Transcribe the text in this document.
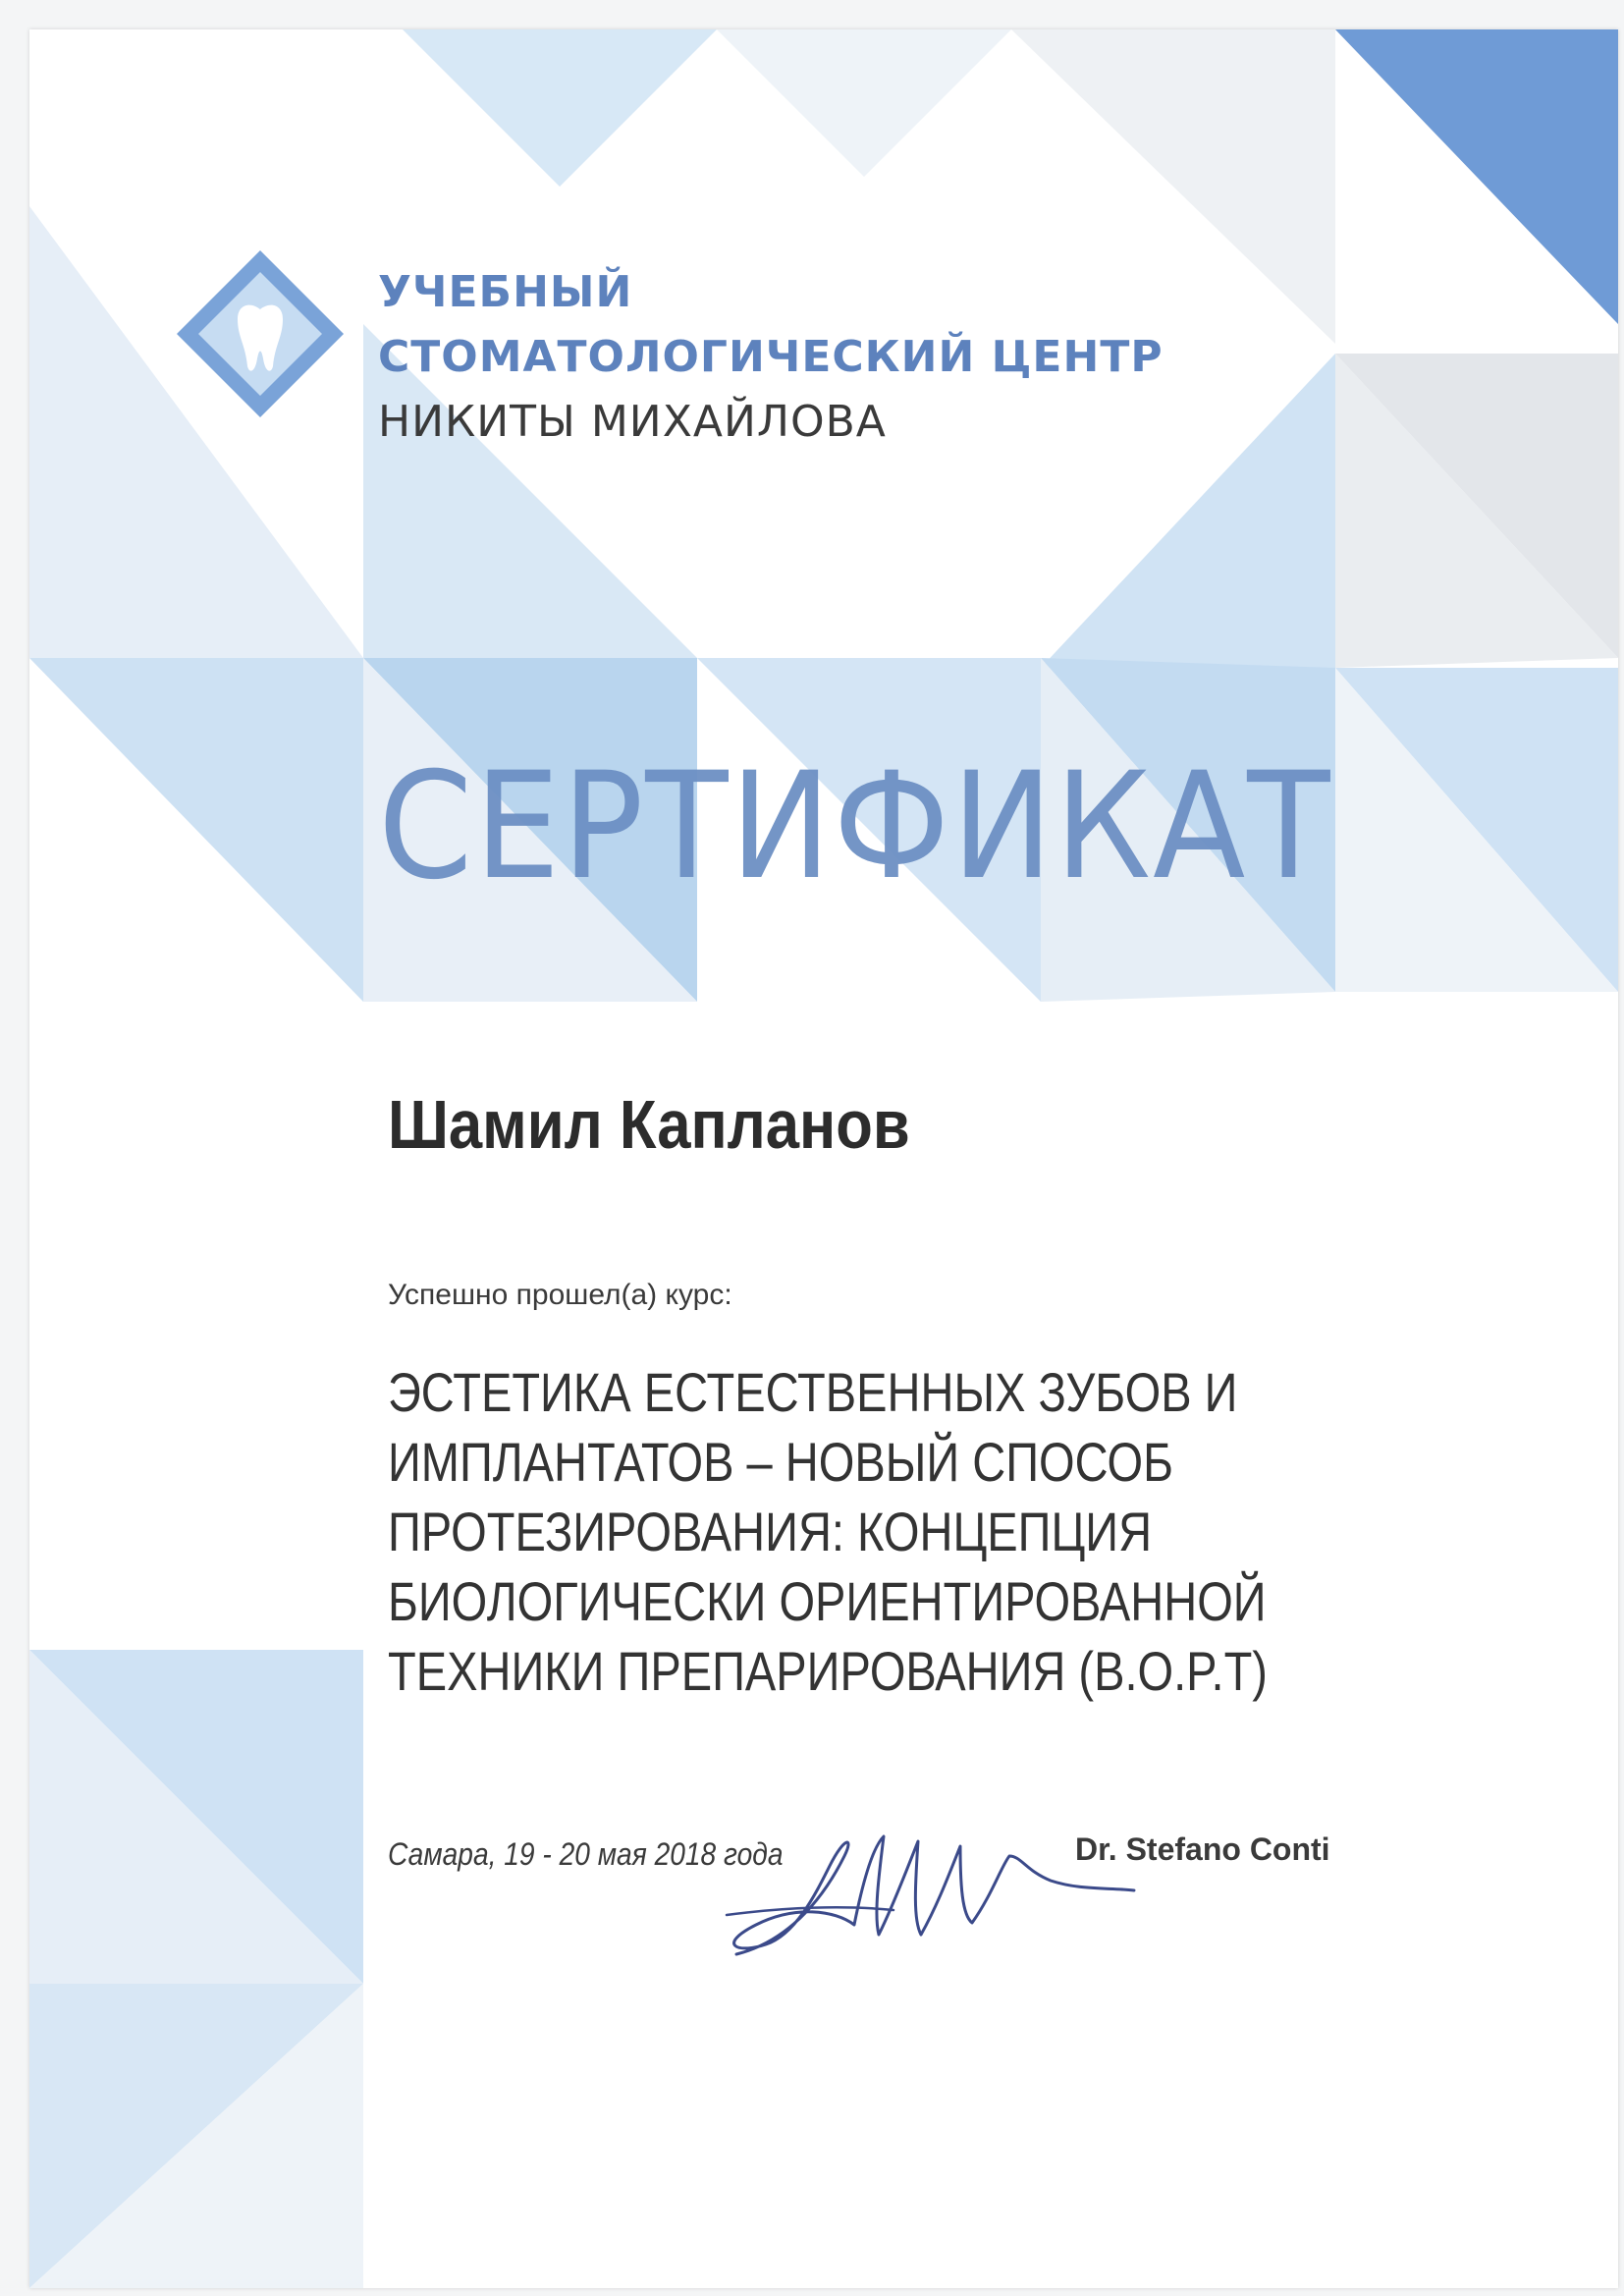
УЧЕБНЫЙ
СТОМАТОЛОГИЧЕСКИЙ ЦЕНТР
НИКИТЫ МИХАЙЛОВА
СЕРТИФИКАТ
Шамил Капланов
Успешно прошел(а) курс:
ЭСТЕТИКА ЕСТЕСТВЕННЫХ ЗУБОВ И
ИМПЛАНТАТОВ – НОВЫЙ СПОСОБ
ПРОТЕЗИРОВАНИЯ: КОНЦЕПЦИЯ
БИОЛОГИЧЕСКИ ОРИЕНТИРОВАННОЙ
ТЕХНИКИ ПРЕПАРИРОВАНИЯ (B.O.P.T)
Самара, 19 - 20 мая 2018 года	Dr. Stefano Conti
